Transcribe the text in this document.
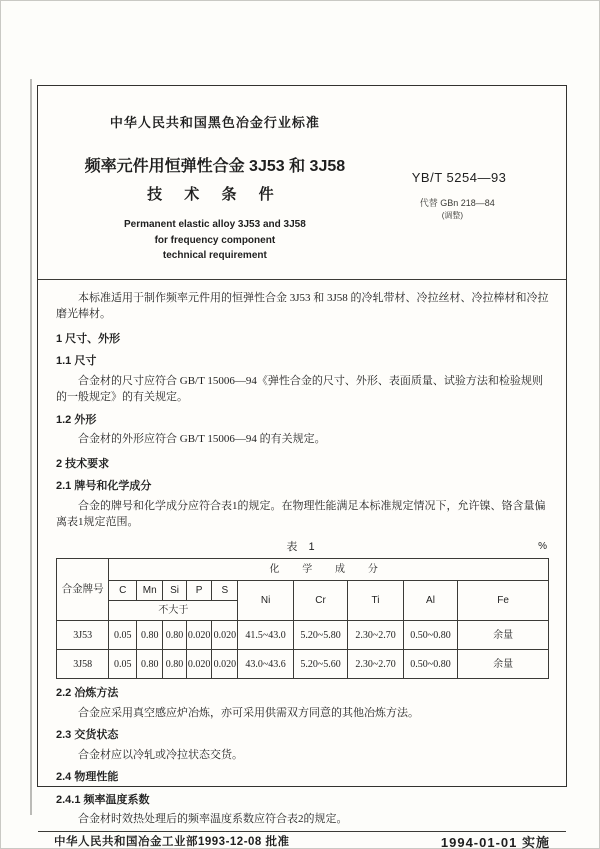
中华人民共和国黑色冶金行业标准
频率元件用恒弹性合金 3J53 和 3J58
技 术 条 件
Permanent elastic alloy 3J53 and 3J58
for frequency component
technical requirement
YB/T 5254—93
代替 GBn 218—84
(调整)

本标准适用于制作频率元件用的恒弹性合金 3J53 和 3J58 的冷轧带材、冷拉丝材、冷拉棒材和冷拉磨光棒材。

1 尺寸、外形
1.1 尺寸

合金材的尺寸应符合 GB/T 15006—94《弹性合金的尺寸、外形、表面质量、试验方法和检验规则的一般规定》的有关规定。

1.2 外形

合金材的外形应符合 GB/T 15006—94 的有关规定。

2 技术要求
2.1 牌号和化学成分

合金的牌号和化学成分应符合表1的规定。在物理性能满足本标准规定情况下，允许镍、铬含量偏离表1规定范围。

表 1	%
合金牌号	化 学 成 分									
	C	Mn	Si	P	S	Ni	Cr	Ti	Al	Fe
	不大于									
3J53	0.05	0.80	0.80	0.020	0.020	41.5~43.0	5.20~5.80	2.30~2.70	0.50~0.80	余量
3J58	0.05	0.80	0.80	0.020	0.020	43.0~43.6	5.20~5.60	2.30~2.70	0.50~0.80	余量
2.2 冶炼方法

合金应采用真空感应炉冶炼，亦可采用供需双方同意的其他冶炼方法。

2.3 交货状态

合金材应以冷轧或冷拉状态交货。

2.4 物理性能
2.4.1 频率温度系数

合金材时效热处理后的频率温度系数应符合表2的规定。

中华人民共和国冶金工业部1993-12-08 批准	1994-01-01 实施
